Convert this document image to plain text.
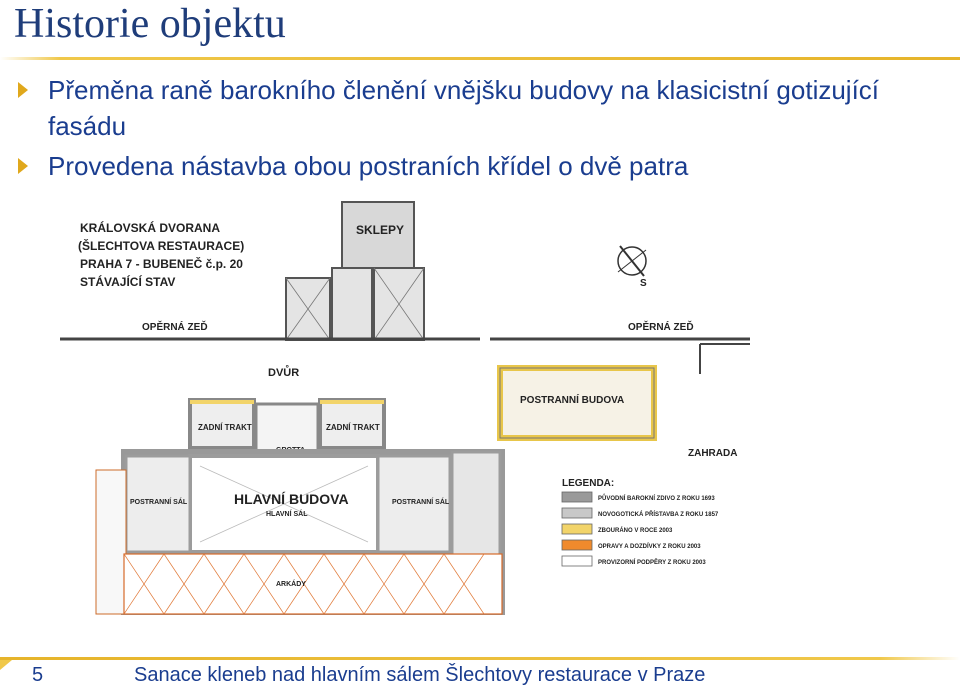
Historie objektu
Přeměna raně barokního členění vnějšku budovy na klasicistní gotizující fasádu
Provedena nástavba obou postraních křídel o dvě patra
KRÁLOVSKÁ DVORANA
(ŠLECHTOVA RESTAURACE)
PRAHA 7 - BUBENEČ č.p. 20
STÁVAJÍCÍ STAV
SKLEPY
S
OPĚRNÁ ZEĎ	OPĚRNÁ ZEĎ
DVŮR
POSTRANNÍ BUDOVA
ZADNÍ TRAKT	ZADNÍ TRAKT
ZAHRADA
POSTRANNÍ SÁL	POSTRANNÍ SÁL
HLAVNÍ BUDOVA
HLAVNÍ SÁL
ARKÁDY
LEGENDA:
PŮVODNÍ BAROKNÍ ZDIVO Z ROKU 1693
NOVOGOTICKÁ PŘÍSTAVBA Z ROKU 1857
ZBOURÁNO V ROCE 2003
OPRAVY A DOZDÍVKY Z ROKU 2003
PROVIZORNÍ PODPĚRY Z ROKU 2003
5	Sanace kleneb nad hlavním sálem Šlechtovy restaurace v Praze
